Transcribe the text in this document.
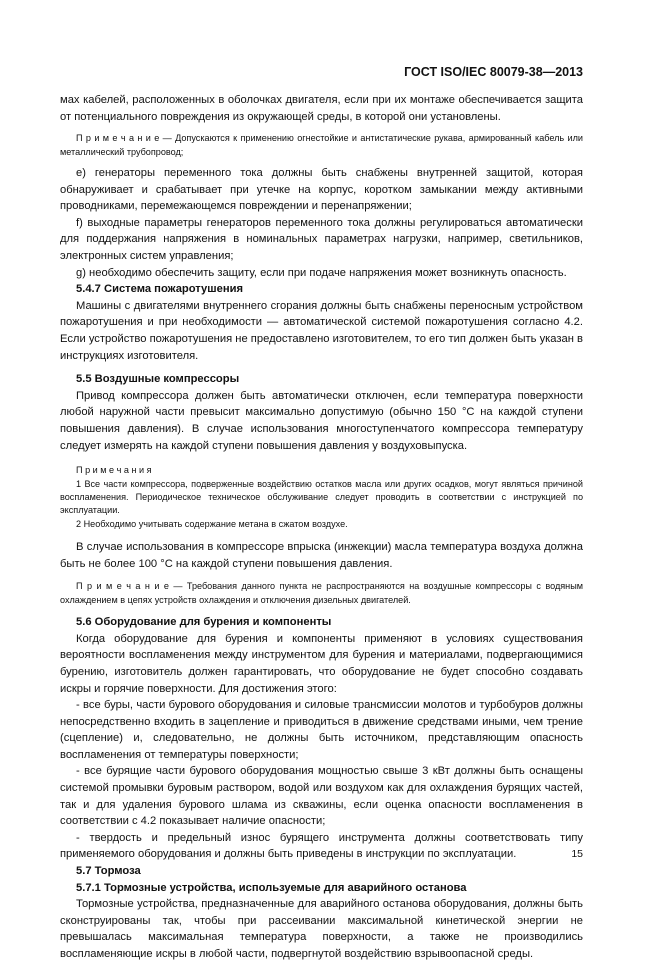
ГОСТ ISO/IEC 80079-38—2013

мах кабелей, расположенных в оболочках двигателя, если при их монтаже обеспечивается защита от потенциального повреждения из окружающей среды, в которой они установлены.

П р и м е ч а н и е — Допускаются к применению огнестойкие и антистатические рукава, армированный кабель или металлический трубопровод;

e) генераторы переменного тока должны быть снабжены внутренней защитой, которая обнаруживает и срабатывает при утечке на корпус, коротком замыкании между активными проводниками, перемежающемся повреждении и перенапряжении;

f) выходные параметры генераторов переменного тока должны регулироваться автоматически для поддержания напряжения в номинальных параметрах нагрузки, например, светильников, электронных систем управления;

g) необходимо обеспечить защиту, если при подаче напряжения может возникнуть опасность.

5.4.7 Система пожаротушения

Машины с двигателями внутреннего сгорания должны быть снабжены переносным устройством пожаротушения и при необходимости — автоматической системой пожаротушения согласно 4.2. Если устройство пожаротушения не предоставлено изготовителем, то его тип должен быть указан в инструкциях изготовителя.

5.5 Воздушные компрессоры

Привод компрессора должен быть автоматически отключен, если температура поверхности любой наружной части превысит максимально допустимую (обычно 150 °С на каждой ступени повышения давления). В случае использования многоступенчатого компрессора температуру следует измерять на каждой ступени повышения давления у воздуховыпуска.

П р и м е ч а н и я

1 Все части компрессора, подверженные воздействию остатков масла или других осадков, могут являться причиной воспламенения. Периодическое техническое обслуживание следует проводить в соответствии с инструкцией по эксплуатации.

2 Необходимо учитывать содержание метана в сжатом воздухе.

В случае использования в компрессоре впрыска (инжекции) масла температура воздуха должна быть не более 100 °С на каждой ступени повышения давления.

П р и м е ч а н и е — Требования данного пункта не распространяются на воздушные компрессоры с водяным охлаждением в цепях устройств охлаждения и отключения дизельных двигателей.

5.6 Оборудование для бурения и компоненты

Когда оборудование для бурения и компоненты применяют в условиях существования вероятности воспламенения между инструментом для бурения и материалами, подвергающимися бурению, изготовитель должен гарантировать, что оборудование не будет способно создавать искры и горячие поверхности. Для достижения этого:

- все буры, части бурового оборудования и силовые трансмиссии молотов и турбобуров должны непосредственно входить в зацепление и приводиться в движение средствами иными, чем трение (сцепление) и, следовательно, не должны быть источником, представляющим опасность воспламенения от температуры поверхности;

- все бурящие части бурового оборудования мощностью свыше 3 кВт должны быть оснащены системой промывки буровым раствором, водой или воздухом как для охлаждения бурящих частей, так и для удаления бурового шлама из скважины, если оценка опасности воспламенения в соответствии с 4.2 показывает наличие опасности;

- твердость и предельный износ бурящего инструмента должны соответствовать типу применяемого оборудования и должны быть приведены в инструкции по эксплуатации.

5.7 Тормоза

5.7.1 Тормозные устройства, используемые для аварийного останова

Тормозные устройства, предназначенные для аварийного останова оборудования, должны быть сконструированы так, чтобы при рассеивании максимальной кинетической энергии не превышалась максимальная температура поверхности, а также не производились воспламеняющие искры в любой части, подвергнутой воздействию взрывоопасной среды.

15
